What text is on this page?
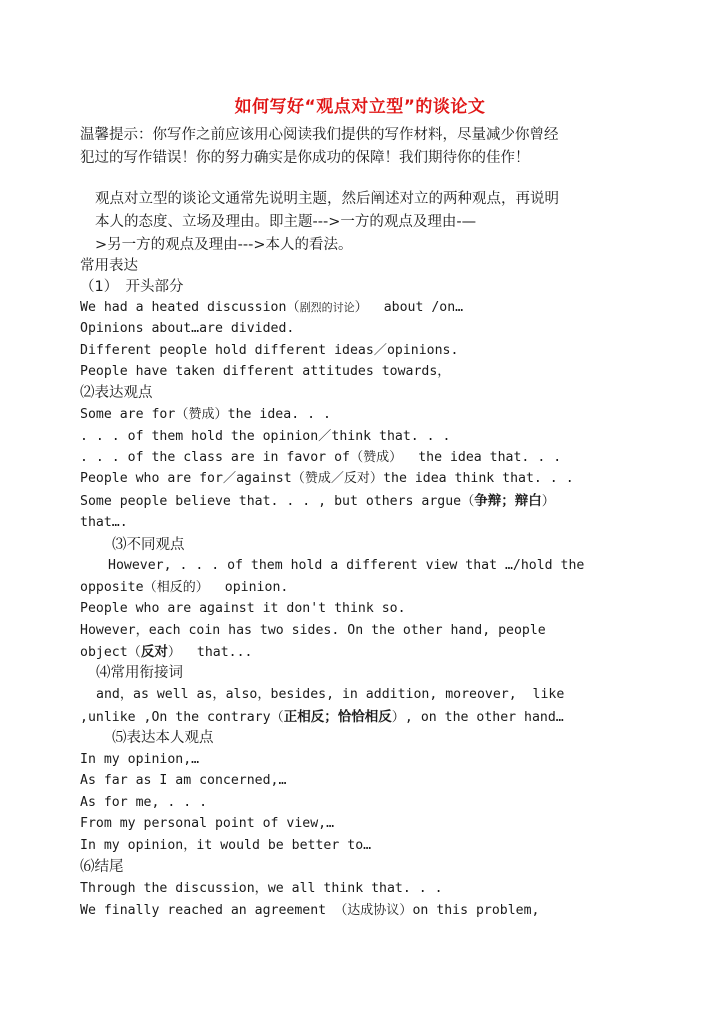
如何写好“观点对立型”的谈论文
温馨提示：你写作之前应该用心阅读我们提供的写作材料，尽量减少你曾经
犯过的写作错误！你的努力确实是你成功的保障！我们期待你的佳作！
观点对立型的谈论文通常先说明主题，然后阐述对立的两种观点，再说明
本人的态度、立场及理由。即主题--->一方的观点及理由-—
>另一方的观点及理由--->本人的看法。
常用表达
（1）　开头部分
We had a heated discussion（剧烈的讨论）  about /on…
Opinions about…are divided.
Different people hold different ideas／opinions.
People have taken different attitudes towards，
⑵表达观点
Some are for（赞成）the idea. . .
. . . of them hold the opinion／think that. . .
. . . of the class are in favor of（赞成）  the idea that. . .
People who are for／against（赞成／反对）the idea think that. . .
Some people believe that. . . , but others argue（争辩；辩白）
that….
⑶不同观点
However, . . . of them hold a different view that …/hold the
opposite（相反的）  opinion.
People who are against it don't think so.
However，each coin has two sides. On the other hand, people
object（反对）  that...
⑷常用衔接词
and，as well as，also，besides, in addition, moreover,  like
,unlike ,On the contrary（正相反；恰恰相反）, on the other hand…
⑸表达本人观点
In my opinion,…
As far as I am concerned,…
As for me, . . .
From my personal point of view,…
In my opinion，it would be better to…
⑹结尾
Through the discussion，we all think that. . .
We finally reached an agreement （达成协议）on this problem,
